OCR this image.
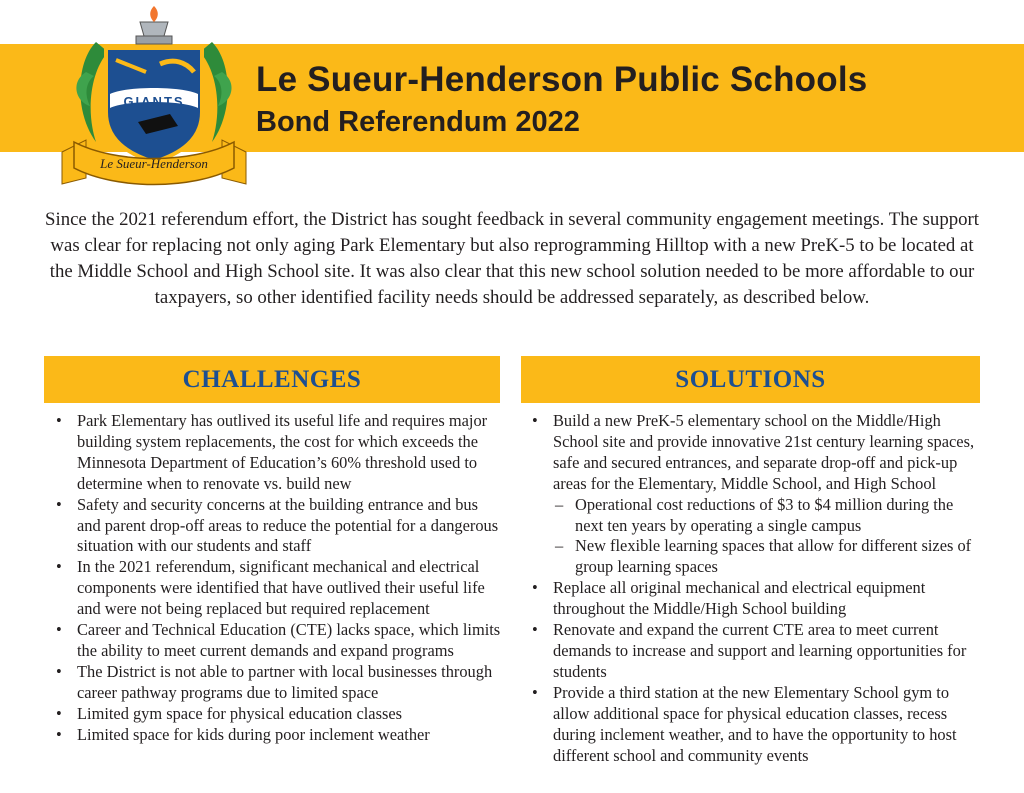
GIANTS
Le Sueur-Henderson
Le Sueur-Henderson Public Schools
Bond Referendum 2022

Since the 2021 referendum effort, the District has sought feedback in several community engagement meetings. The support was clear for replacing not only aging Park Elementary but also reprogramming Hilltop with a new PreK-5 to be located at the Middle School and High School site. It was also clear that this new school solution needed to be more affordable to our taxpayers, so other identified facility needs should be addressed separately, as described below.

CHALLENGES	SOLUTIONS
• Park Elementary has outlived its useful life and requires major building system replacements, the cost for which exceeds the Minnesota Department of Education’s 60% threshold used to determine when to renovate vs. build new
• Safety and security concerns at the building entrance and bus and parent drop-off areas to reduce the potential for a dangerous situation with our students and staff
• In the 2021 referendum, significant mechanical and electrical components were identified that have outlived their useful life and were not being replaced but required replacement
• Career and Technical Education (CTE) lacks space, which limits the ability to meet current demands and expand programs
• The District is not able to partner with local businesses through career pathway programs due to limited space
• Limited gym space for physical education classes
• Limited space for kids during poor inclement weather
• Build a new PreK-5 elementary school on the Middle/High School site and provide innovative 21st century learning spaces, safe and secured entrances, and separate drop-off and pick-up areas for the Elementary, Middle School, and High School
– Operational cost reductions of $3 to $4 million during the next ten years by operating a single campus
– New flexible learning spaces that allow for different sizes of group learning spaces
• Replace all original mechanical and electrical equipment throughout the Middle/High School building
• Renovate and expand the current CTE area to meet current demands to increase and support and learning opportunities for students
• Provide a third station at the new Elementary School gym to allow additional space for physical education classes, recess during inclement weather, and to have the opportunity to host different school and community events
